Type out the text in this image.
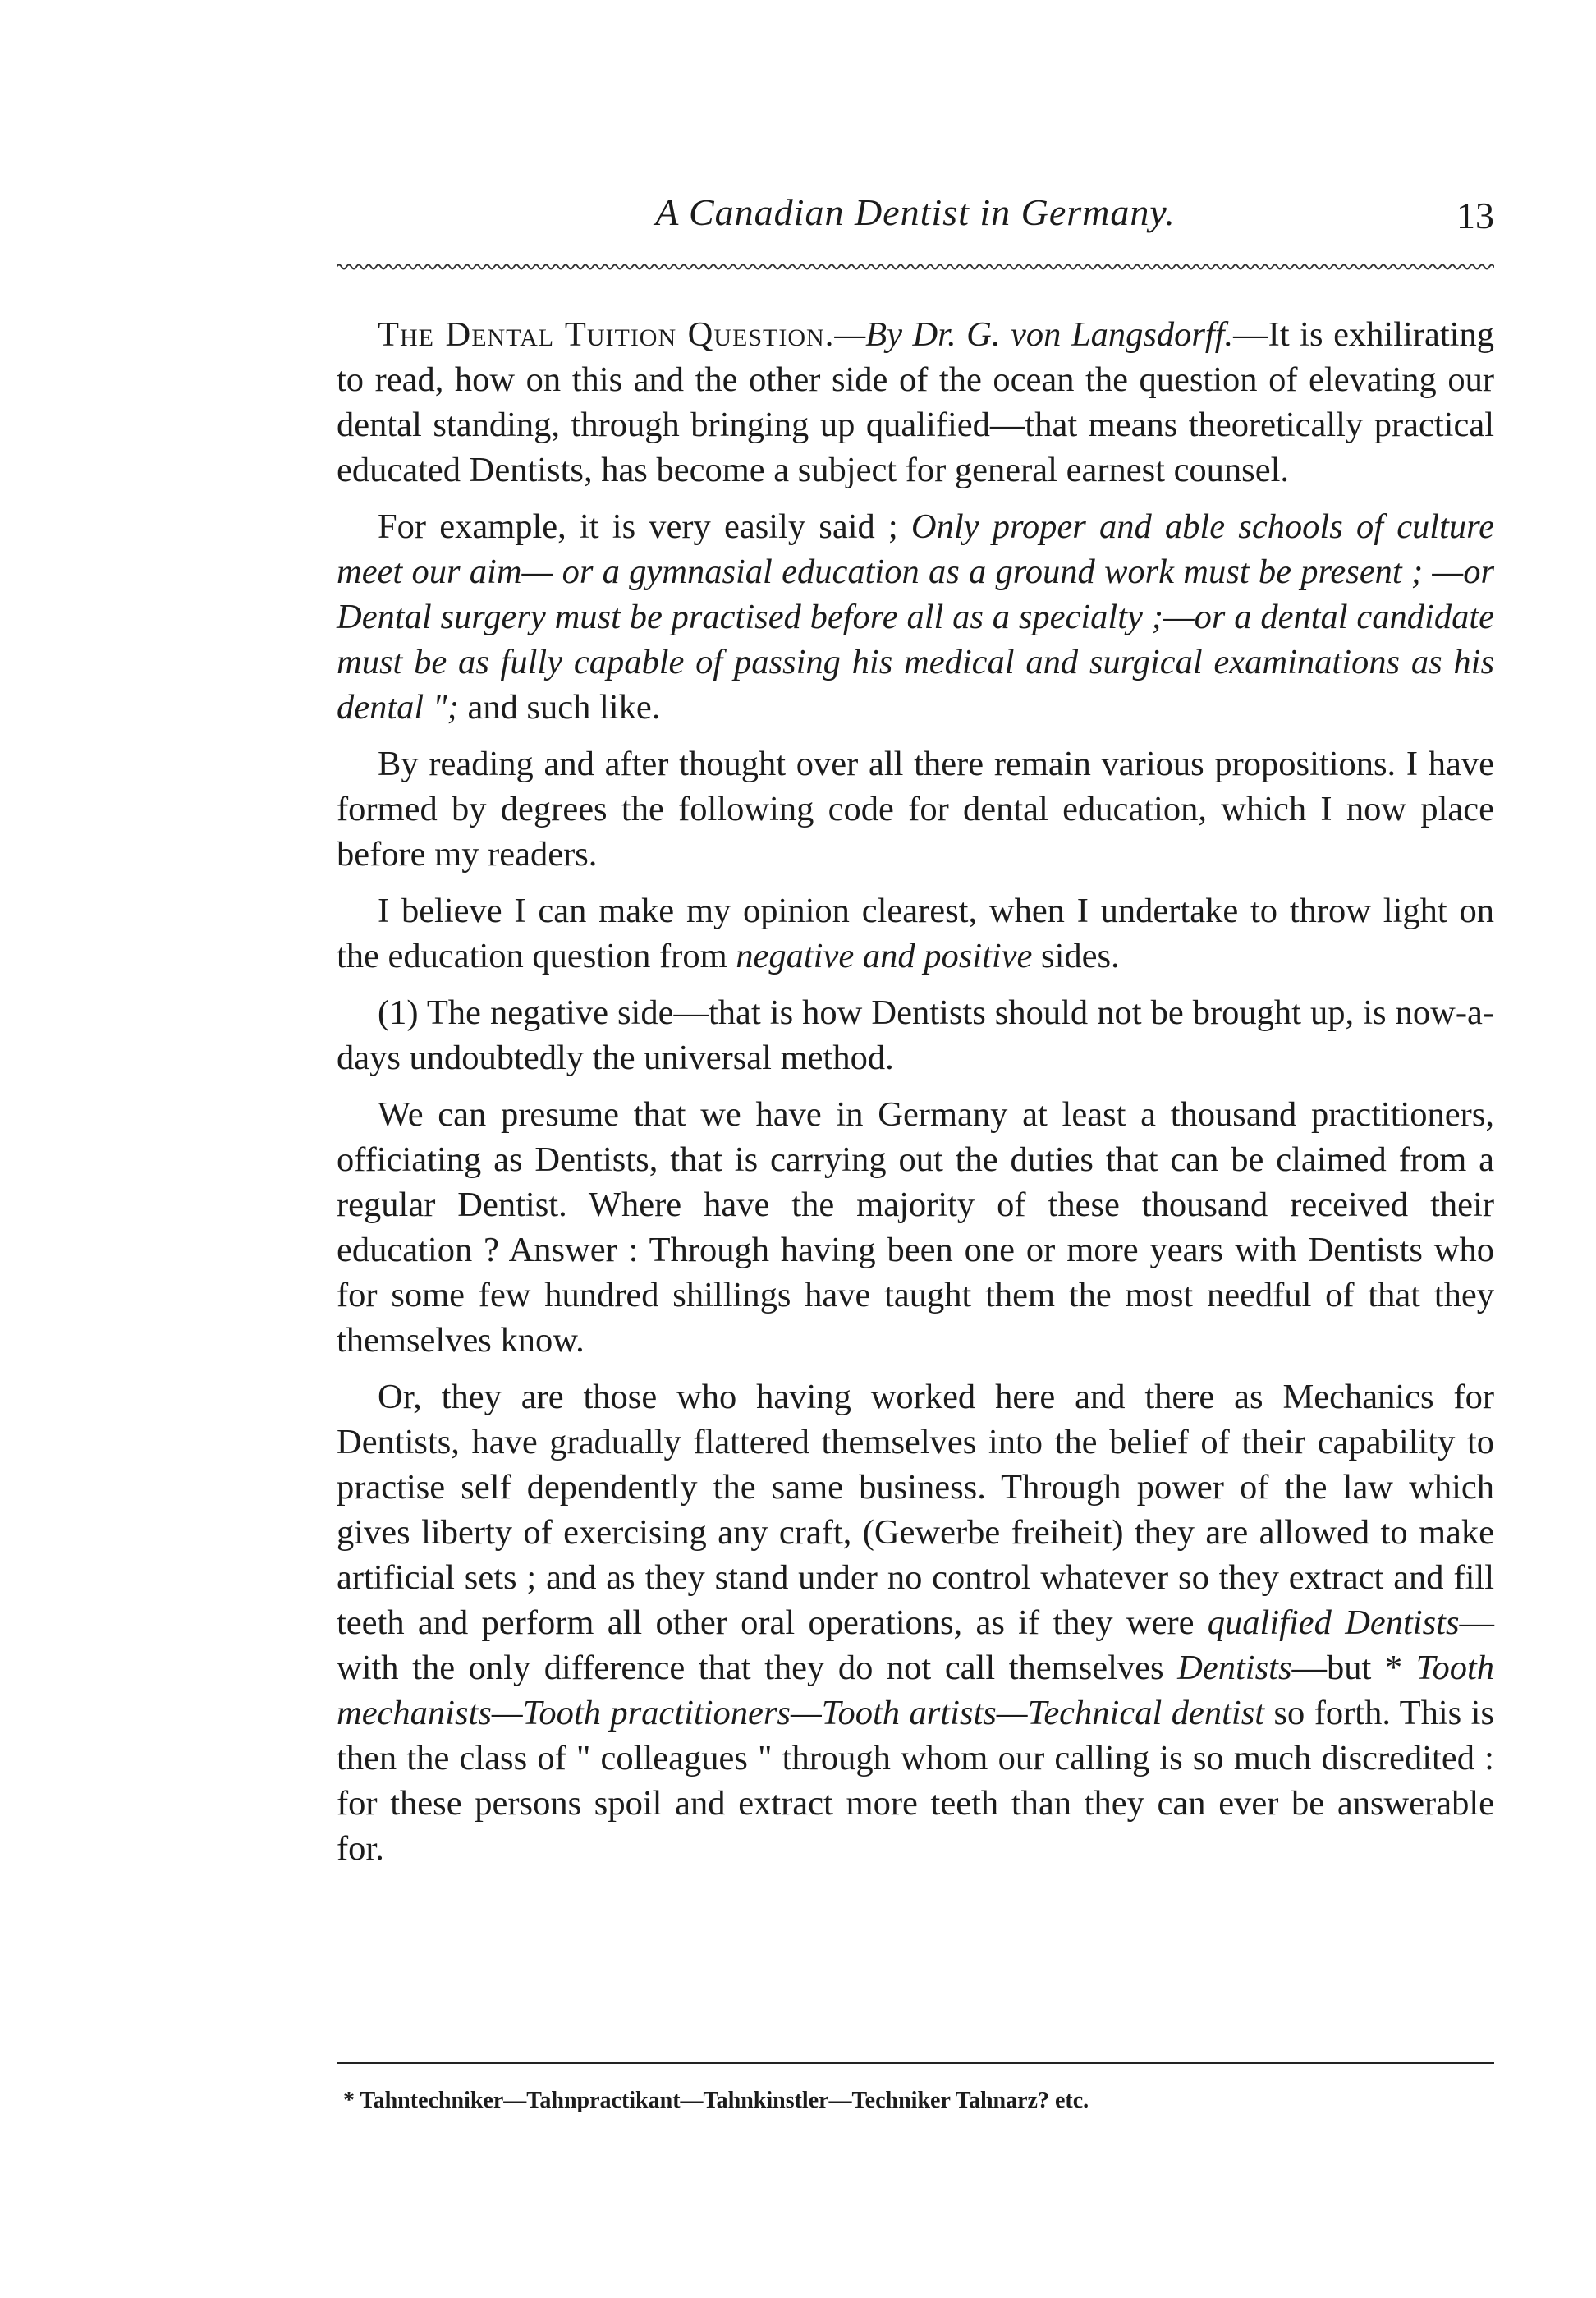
A Canadian Dentist in Germany.	13

The Dental Tuition Question.—By Dr. G. von Langsdorff.—It is exhilirating to read, how on this and the other side of the ocean the question of elevating our dental standing, through bringing up qualified—that means theoretically practical educated Dentists, has become a subject for general earnest counsel.

For example, it is very easily said ; Only proper and able schools of culture meet our aim— or a gymnasial education as a ground work must be present ; —or Dental surgery must be practised before all as a specialty ;—or a dental candidate must be as fully capable of passing his medical and surgical examinations as his dental "; and such like.

By reading and after thought over all there remain various propositions. I have formed by degrees the following code for dental education, which I now place before my readers.

I believe I can make my opinion clearest, when I undertake to throw light on the education question from negative and positive sides.

(1) The negative side—that is how Dentists should not be brought up, is now-a-days undoubtedly the universal method.

We can presume that we have in Germany at least a thousand practitioners, officiating as Dentists, that is carrying out the duties that can be claimed from a regular Dentist. Where have the majority of these thousand received their education ? Answer : Through having been one or more years with Dentists who for some few hundred shillings have taught them the most needful of that they themselves know.

Or, they are those who having worked here and there as Mechanics for Dentists, have gradually flattered themselves into the belief of their capability to practise self dependently the same business. Through power of the law which gives liberty of exercising any craft, (Gewerbe freiheit) they are allowed to make artificial sets ; and as they stand under no control whatever so they extract and fill teeth and perform all other oral operations, as if they were qualified Dentists—with the only difference that they do not call themselves Dentists—but * Tooth mechanists—Tooth practitioners—Tooth artists—Technical dentist so forth. This is then the class of " colleagues " through whom our calling is so much discredited : for these persons spoil and extract more teeth than they can ever be answerable for.

* Tahntechniker—Tahnpractikant—Tahnkinstler—Techniker Tahnarz? etc.
